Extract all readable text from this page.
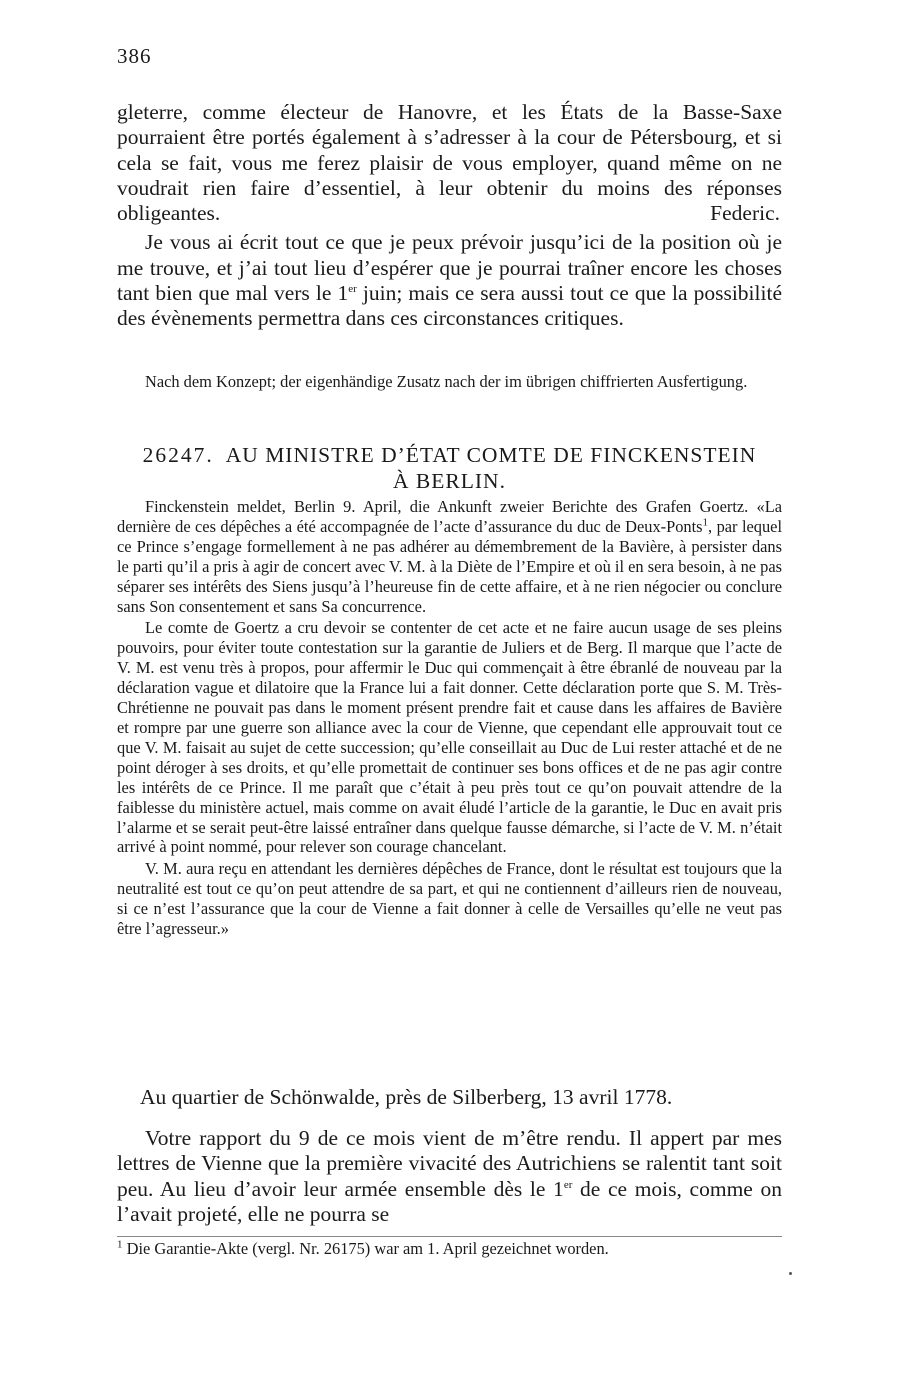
386

gleterre, comme électeur de Hanovre, et les États de la Basse-Saxe pourraient être portés également à s’adresser à la cour de Pétersbourg, et si cela se fait, vous me ferez plaisir de vous employer, quand même on ne voudrait rien faire d’essentiel, à leur obtenir du moins des réponses obligeantes.	Federic.

Je vous ai écrit tout ce que je peux prévoir jusqu’ici de la position où je me trouve, et j’ai tout lieu d’espérer que je pourrai traîner encore les choses tant bien que mal vers le 1er juin; mais ce sera aussi tout ce que la possibilité des évènements permettra dans ces circonstances critiques.

Nach dem Konzept; der eigenhändige Zusatz nach der im übrigen chiffrierten Ausfertigung.

26247. AU MINISTRE D’ÉTAT COMTE DE FINCKENSTEIN
À BERLIN.

Finckenstein meldet, Berlin 9. April, die Ankunft zweier Berichte des Grafen Goertz. «La dernière de ces dépêches a été accompagnée de l’acte d’assurance du duc de Deux-Ponts$^1$, par lequel ce Prince s’engage formellement à ne pas adhérer au démembrement de la Bavière, à persister dans le parti qu’il a pris à agir de concert avec V. M. à la Diète de l’Empire et où il en sera besoin, à ne pas séparer ses intérêts des Siens jusqu’à l’heureuse fin de cette affaire, et à ne rien négocier ou conclure sans Son consentement et sans Sa concurrence.

Le comte de Goertz a cru devoir se contenter de cet acte et ne faire aucun usage de ses pleins pouvoirs, pour éviter toute contestation sur la garantie de Juliers et de Berg. Il marque que l’acte de V. M. est venu très à propos, pour affermir le Duc qui commençait à être ébranlé de nouveau par la déclaration vague et dilatoire que la France lui a fait donner. Cette déclaration porte que S. M. Très-Chrétienne ne pouvait pas dans le moment présent prendre fait et cause dans les affaires de Bavière et rompre par une guerre son alliance avec la cour de Vienne, que cependant elle approuvait tout ce que V. M. faisait au sujet de cette succession; qu’elle conseillait au Duc de Lui rester attaché et de ne point déroger à ses droits, et qu’elle promettait de continuer ses bons offices et de ne pas agir contre les intérêts de ce Prince. Il me paraît que c’était à peu près tout ce qu’on pouvait attendre de la faiblesse du ministère actuel, mais comme on avait éludé l’article de la garantie, le Duc en avait pris l’alarme et se serait peut-être laissé entraîner dans quelque fausse démarche, si l’acte de V. M. n’était arrivé à point nommé, pour relever son courage chancelant.

V. M. aura reçu en attendant les dernières dépêches de France, dont le résultat est toujours que la neutralité est tout ce qu’on peut attendre de sa part, et qui ne contiennent d’ailleurs rien de nouveau, si ce n’est l’assurance que la cour de Vienne a fait donner à celle de Versailles qu’elle ne veut pas être l’agresseur.»

Au quartier de Schönwalde, près de Silberberg, 13 avril 1778.

Votre rapport du 9 de ce mois vient de m’être rendu. Il appert par mes lettres de Vienne que la première vivacité des Autrichiens se ralentit tant soit peu. Au lieu d’avoir leur armée ensemble dès le 1er de ce mois, comme on l’avait projeté, elle ne pourra se

$^1$ Die Garantie-Akte (vergl. Nr. 26175) war am 1. April gezeichnet worden.
